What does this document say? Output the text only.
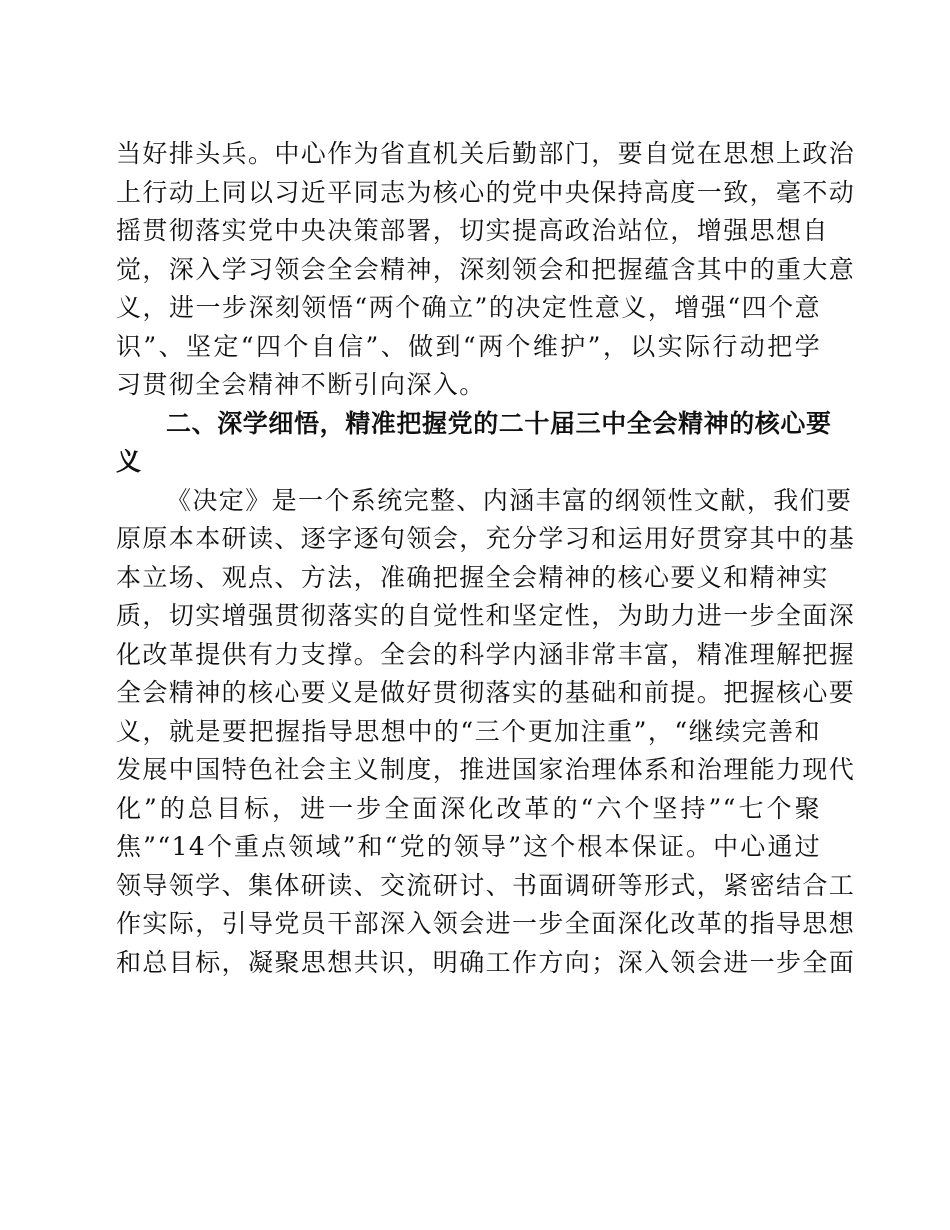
当好排头兵。中心作为省直机关后勤部门，要自觉在思想上政治
上行动上同以习近平同志为核心的党中央保持高度一致，毫不动
摇贯彻落实党中央决策部署，切实提高政治站位，增强思想自
觉，深入学习领会全会精神，深刻领会和把握蕴含其中的重大意
义，进一步深刻领悟“两个确立”的决定性意义，增强“四个意
识”、坚定“四个自信”、做到“两个维护”，以实际行动把学
习贯彻全会精神不断引向深入。
二、深学细悟，精准把握党的二十届三中全会精神的核心要
义
《决定》是一个系统完整、内涵丰富的纲领性文献，我们要
原原本本研读、逐字逐句领会，充分学习和运用好贯穿其中的基
本立场、观点、方法，准确把握全会精神的核心要义和精神实
质，切实增强贯彻落实的自觉性和坚定性，为助力进一步全面深
化改革提供有力支撑。全会的科学内涵非常丰富，精准理解把握
全会精神的核心要义是做好贯彻落实的基础和前提。把握核心要
义，就是要把握指导思想中的“三个更加注重”，“继续完善和
发展中国特色社会主义制度，推进国家治理体系和治理能力现代
化”的总目标，进一步全面深化改革的“六个坚持”“七个聚
焦”“14个重点领域”和“党的领导”这个根本保证。中心通过
领导领学、集体研读、交流研讨、书面调研等形式，紧密结合工
作实际，引导党员干部深入领会进一步全面深化改革的指导思想
和总目标，凝聚思想共识，明确工作方向；深入领会进一步全面
